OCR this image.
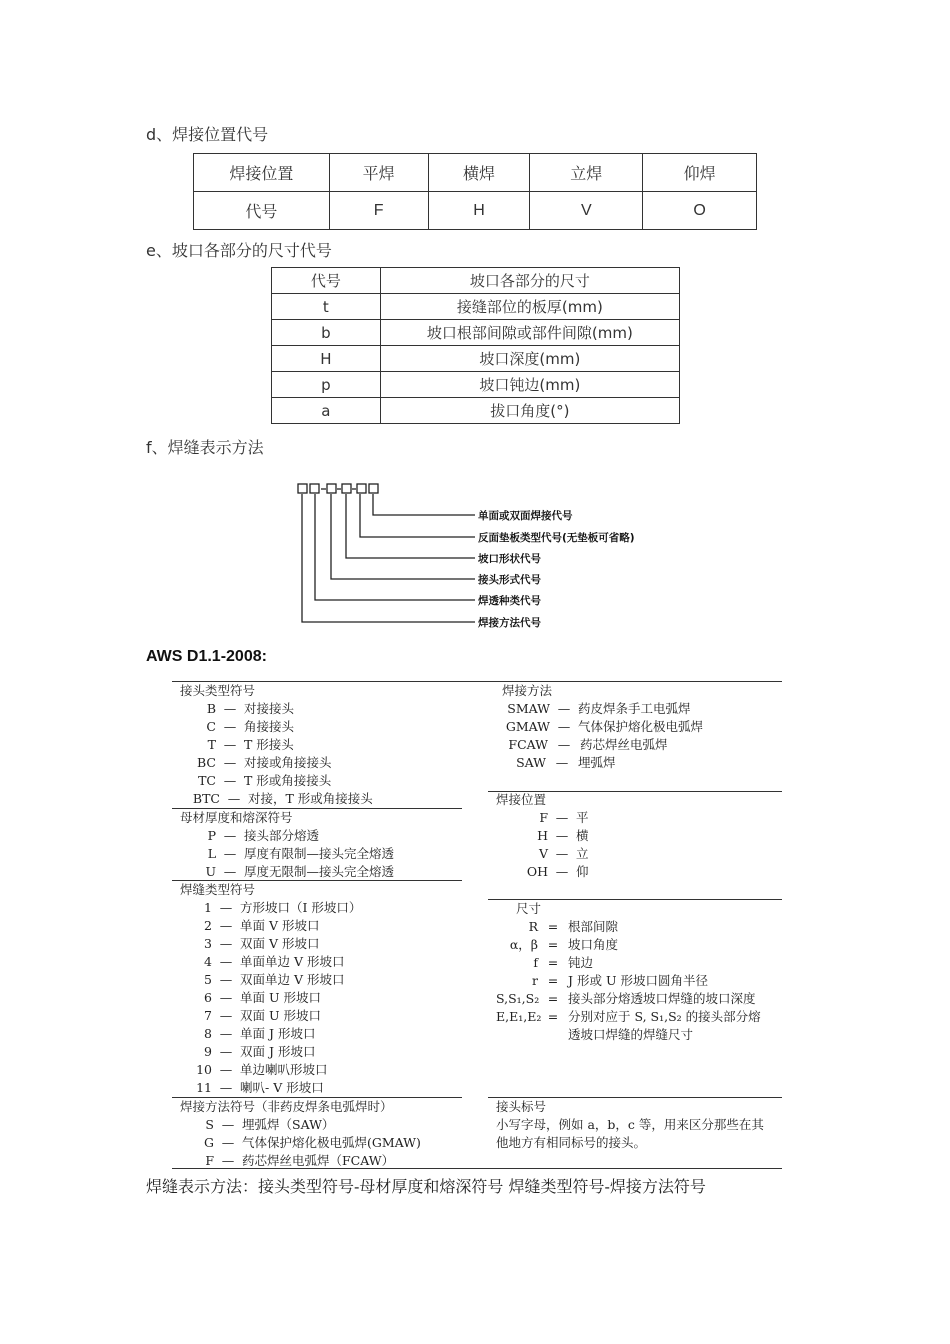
d、焊接位置代号
焊接位置	平焊	横焊	立焊	仰焊
代号	F	H	V	O
e、坡口各部分的尺寸代号
代号	坡口各部分的尺寸
t	接缝部位的板厚(mm)
b	坡口根部间隙或部件间隙(mm)
H	坡口深度(mm)
p	坡口钝边(mm)
a	拔口角度(°)
f、焊缝表示方法
单面或双面焊接代号
反面垫板类型代号(无垫板可省略)
坡口形状代号
接头形式代号
焊透种类代号
焊接方法代号
AWS D1.1-2008:
接头类型符号
B — 对接接头
C — 角接接头
T — T 形接头
BC — 对接或角接接头
TC — T 形或角接接头
BTC — 对接，T 形或角接接头
母材厚度和熔深符号
P — 接头部分熔透
L — 厚度有限制—接头完全熔透
U — 厚度无限制—接头完全熔透
焊缝类型符号
1 — 方形坡口（I 形坡口）
2 — 单面 V 形坡口
3 — 双面 V 形坡口
4 — 单面单边 V 形坡口
5 — 双面单边 V 形坡口
6 — 单面 U 形坡口
7 — 双面 U 形坡口
8 — 单面 J 形坡口
9 — 双面 J 形坡口
10 — 单边喇叭形坡口
11 — 喇叭- V 形坡口
焊接方法符号（非药皮焊条电弧焊时）
S — 埋弧焊（SAW）
G — 气体保护熔化极电弧焊(GMAW)
F — 药芯焊丝电弧焊（FCAW）
焊接方法
SMAW — 药皮焊条手工电弧焊
GMAW — 气体保护熔化极电弧焊
FCAW — 药芯焊丝电弧焊
SAW — 埋弧焊
焊接位置
F — 平
H — 横
V — 立
OH — 仰
尺寸
R = 根部间隙
α，β = 坡口角度
f = 钝边
r = J 形或 U 形坡口圆角半径
S,S₁,S₂ = 接头部分熔透坡口焊缝的坡口深度
E,E₁,E₂ = 分别对应于 S, S₁,S₂ 的接头部分熔
透坡口焊缝的焊缝尺寸
接头标号
小写字母，例如 a，b，c 等，用来区分那些在其
他地方有相同标号的接头。
焊缝表示方法：接头类型符号-母材厚度和熔深符号 焊缝类型符号-焊接方法符号
